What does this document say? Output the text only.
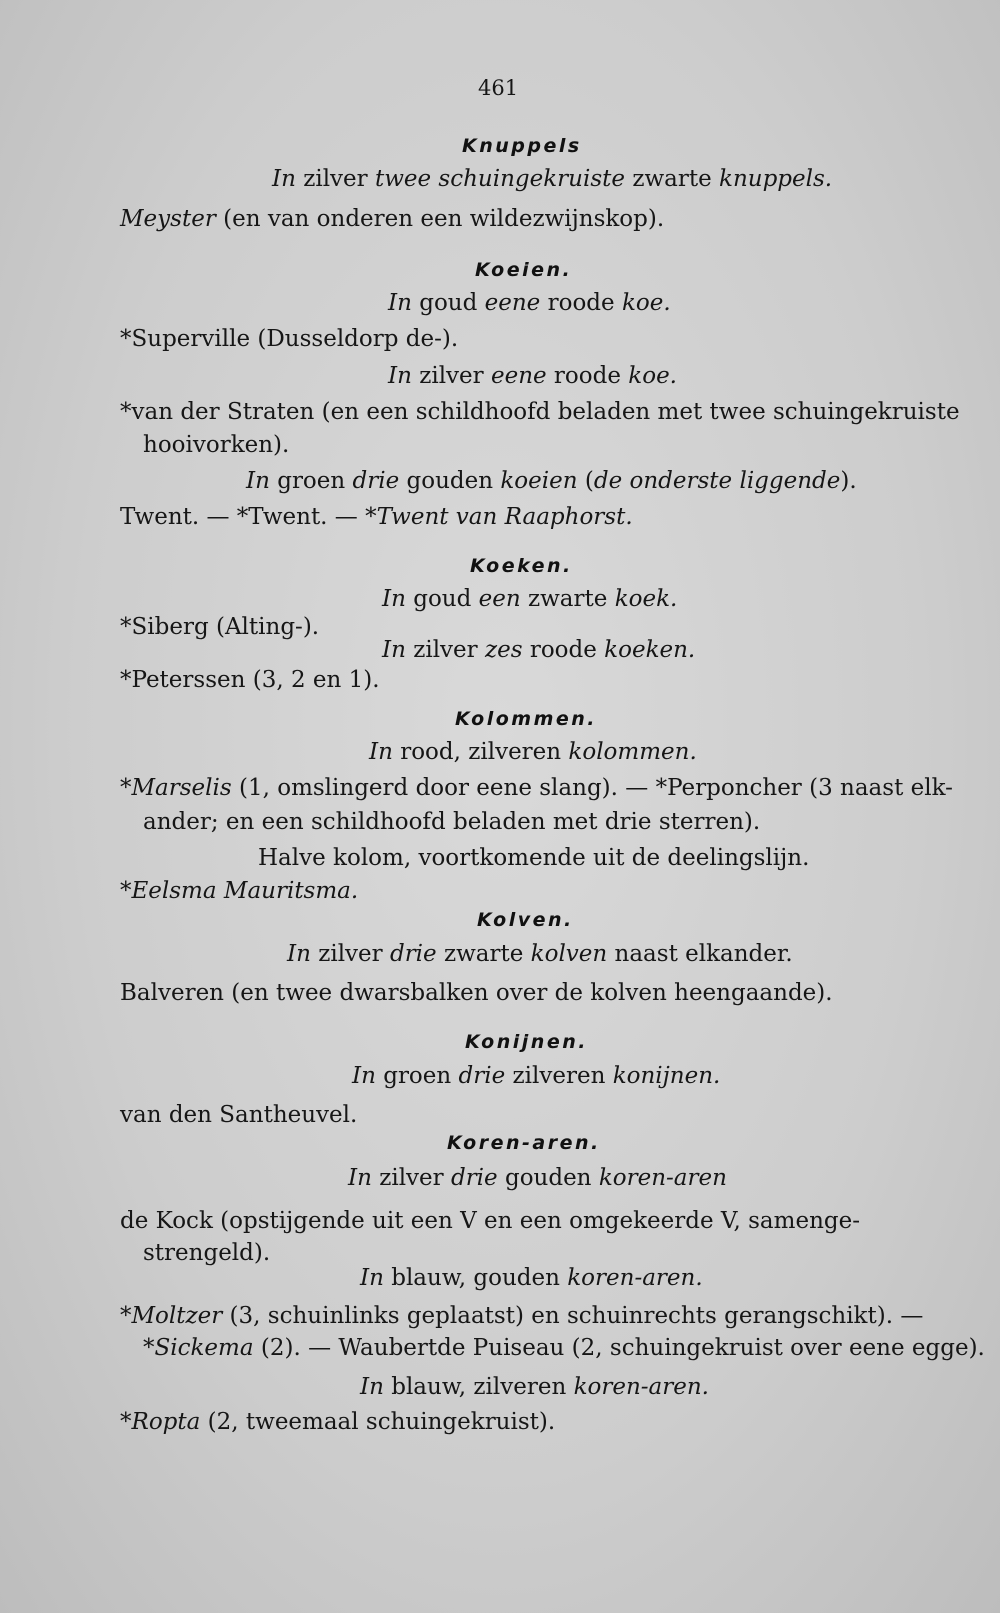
461
Knuppels
In zilver twee schuingekruiste zwarte knuppels.
Meyster (en van onderen een wildezwijnskop).
Koeien.
In goud eene roode koe.
*Superville (Dusseldorp de-).
In zilver eene roode koe.
*van der Straten (en een schildhoofd beladen met twee schuingekruiste
hooivorken).
In groen drie gouden koeien (de onderste liggende).
Twent. — *Twent. — *Twent van Raaphorst.
Koeken.
In goud een zwarte koek.
*Siberg (Alting-).
In zilver zes roode koeken.
*Peterssen (3, 2 en 1).
Kolommen.
In rood, zilveren kolommen.
*Marselis (1, omslingerd door eene slang). — *Perponcher (3 naast elk-
ander; en een schildhoofd beladen met drie sterren).
Halve kolom, voortkomende uit de deelingslijn.
*Eelsma Mauritsma.
Kolven.
In zilver drie zwarte kolven naast elkander.
Balveren (en twee dwarsbalken over de kolven heengaande).
Konijnen.
In groen drie zilveren konijnen.
van den Santheuvel.
Koren-aren.
In zilver drie gouden koren-aren
de Kock (opstijgende uit een V en een omgekeerde V, samenge-
strengeld).
In blauw, gouden koren-aren.
*Moltzer (3, schuinlinks geplaatst) en schuinrechts gerangschikt). —
*Sickema (2). — Waubertde Puiseau (2, schuingekruist over eene egge).
In blauw, zilveren koren-aren.
*Ropta (2, tweemaal schuingekruist).
